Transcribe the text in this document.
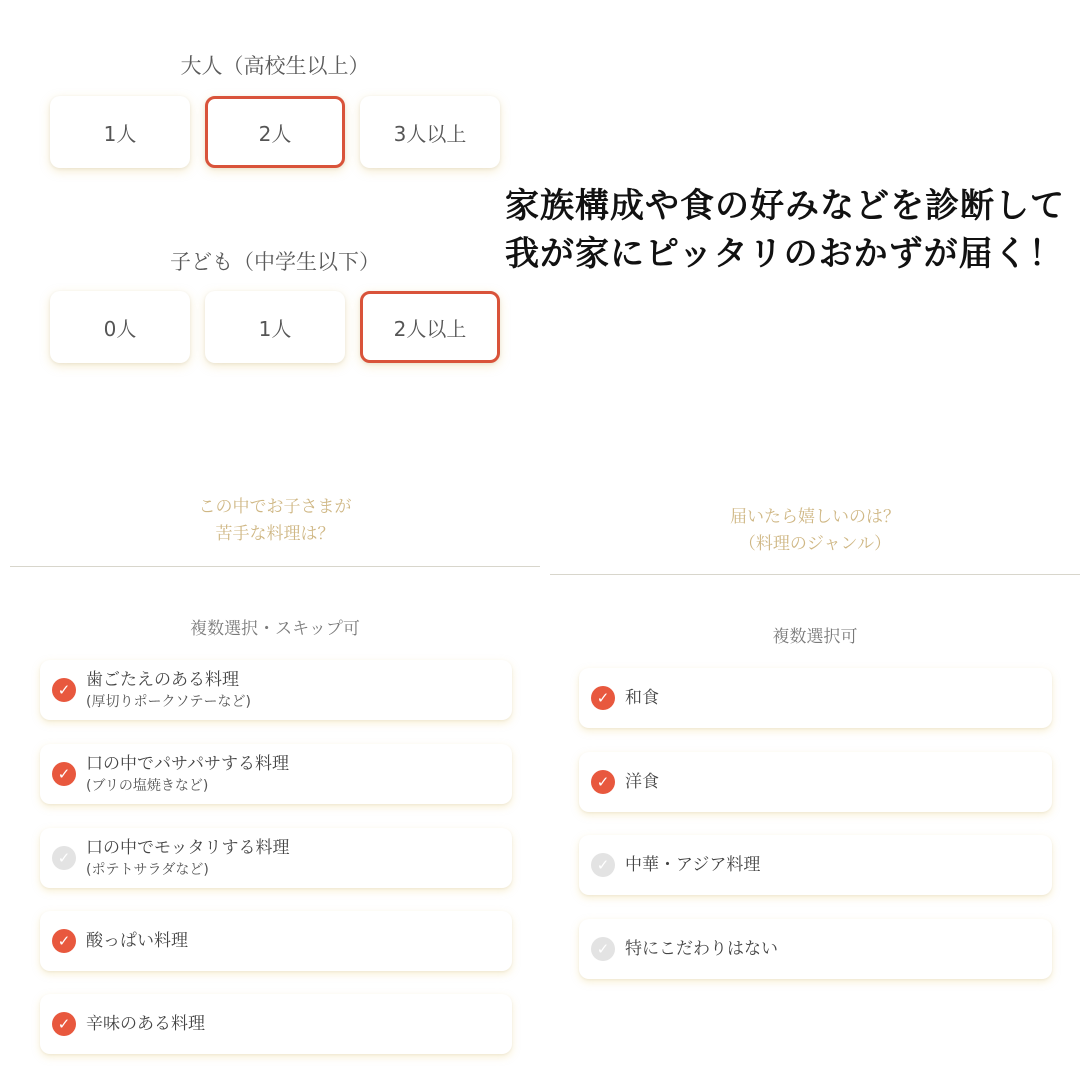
大人（高校生以上）
1人	2人	3人以上
子ども（中学生以下）
0人	1人	2人以上
家族構成や食の好みなどを診断して
我が家にピッタリのおかずが届く！
この中でお子さまが
苦手な料理は？
複数選択・スキップ可
✓ 歯ごたえのある料理
(厚切りポークソテーなど)
✓ 口の中でパサパサする料理
(ブリの塩焼きなど)
✓ 口の中でモッタリする料理
(ポテトサラダなど)
✓ 酸っぱい料理
✓ 辛味のある料理
届いたら嬉しいのは？
（料理のジャンル）
複数選択可
✓ 和食
✓ 洋食
✓ 中華・アジア料理
✓ 特にこだわりはない
